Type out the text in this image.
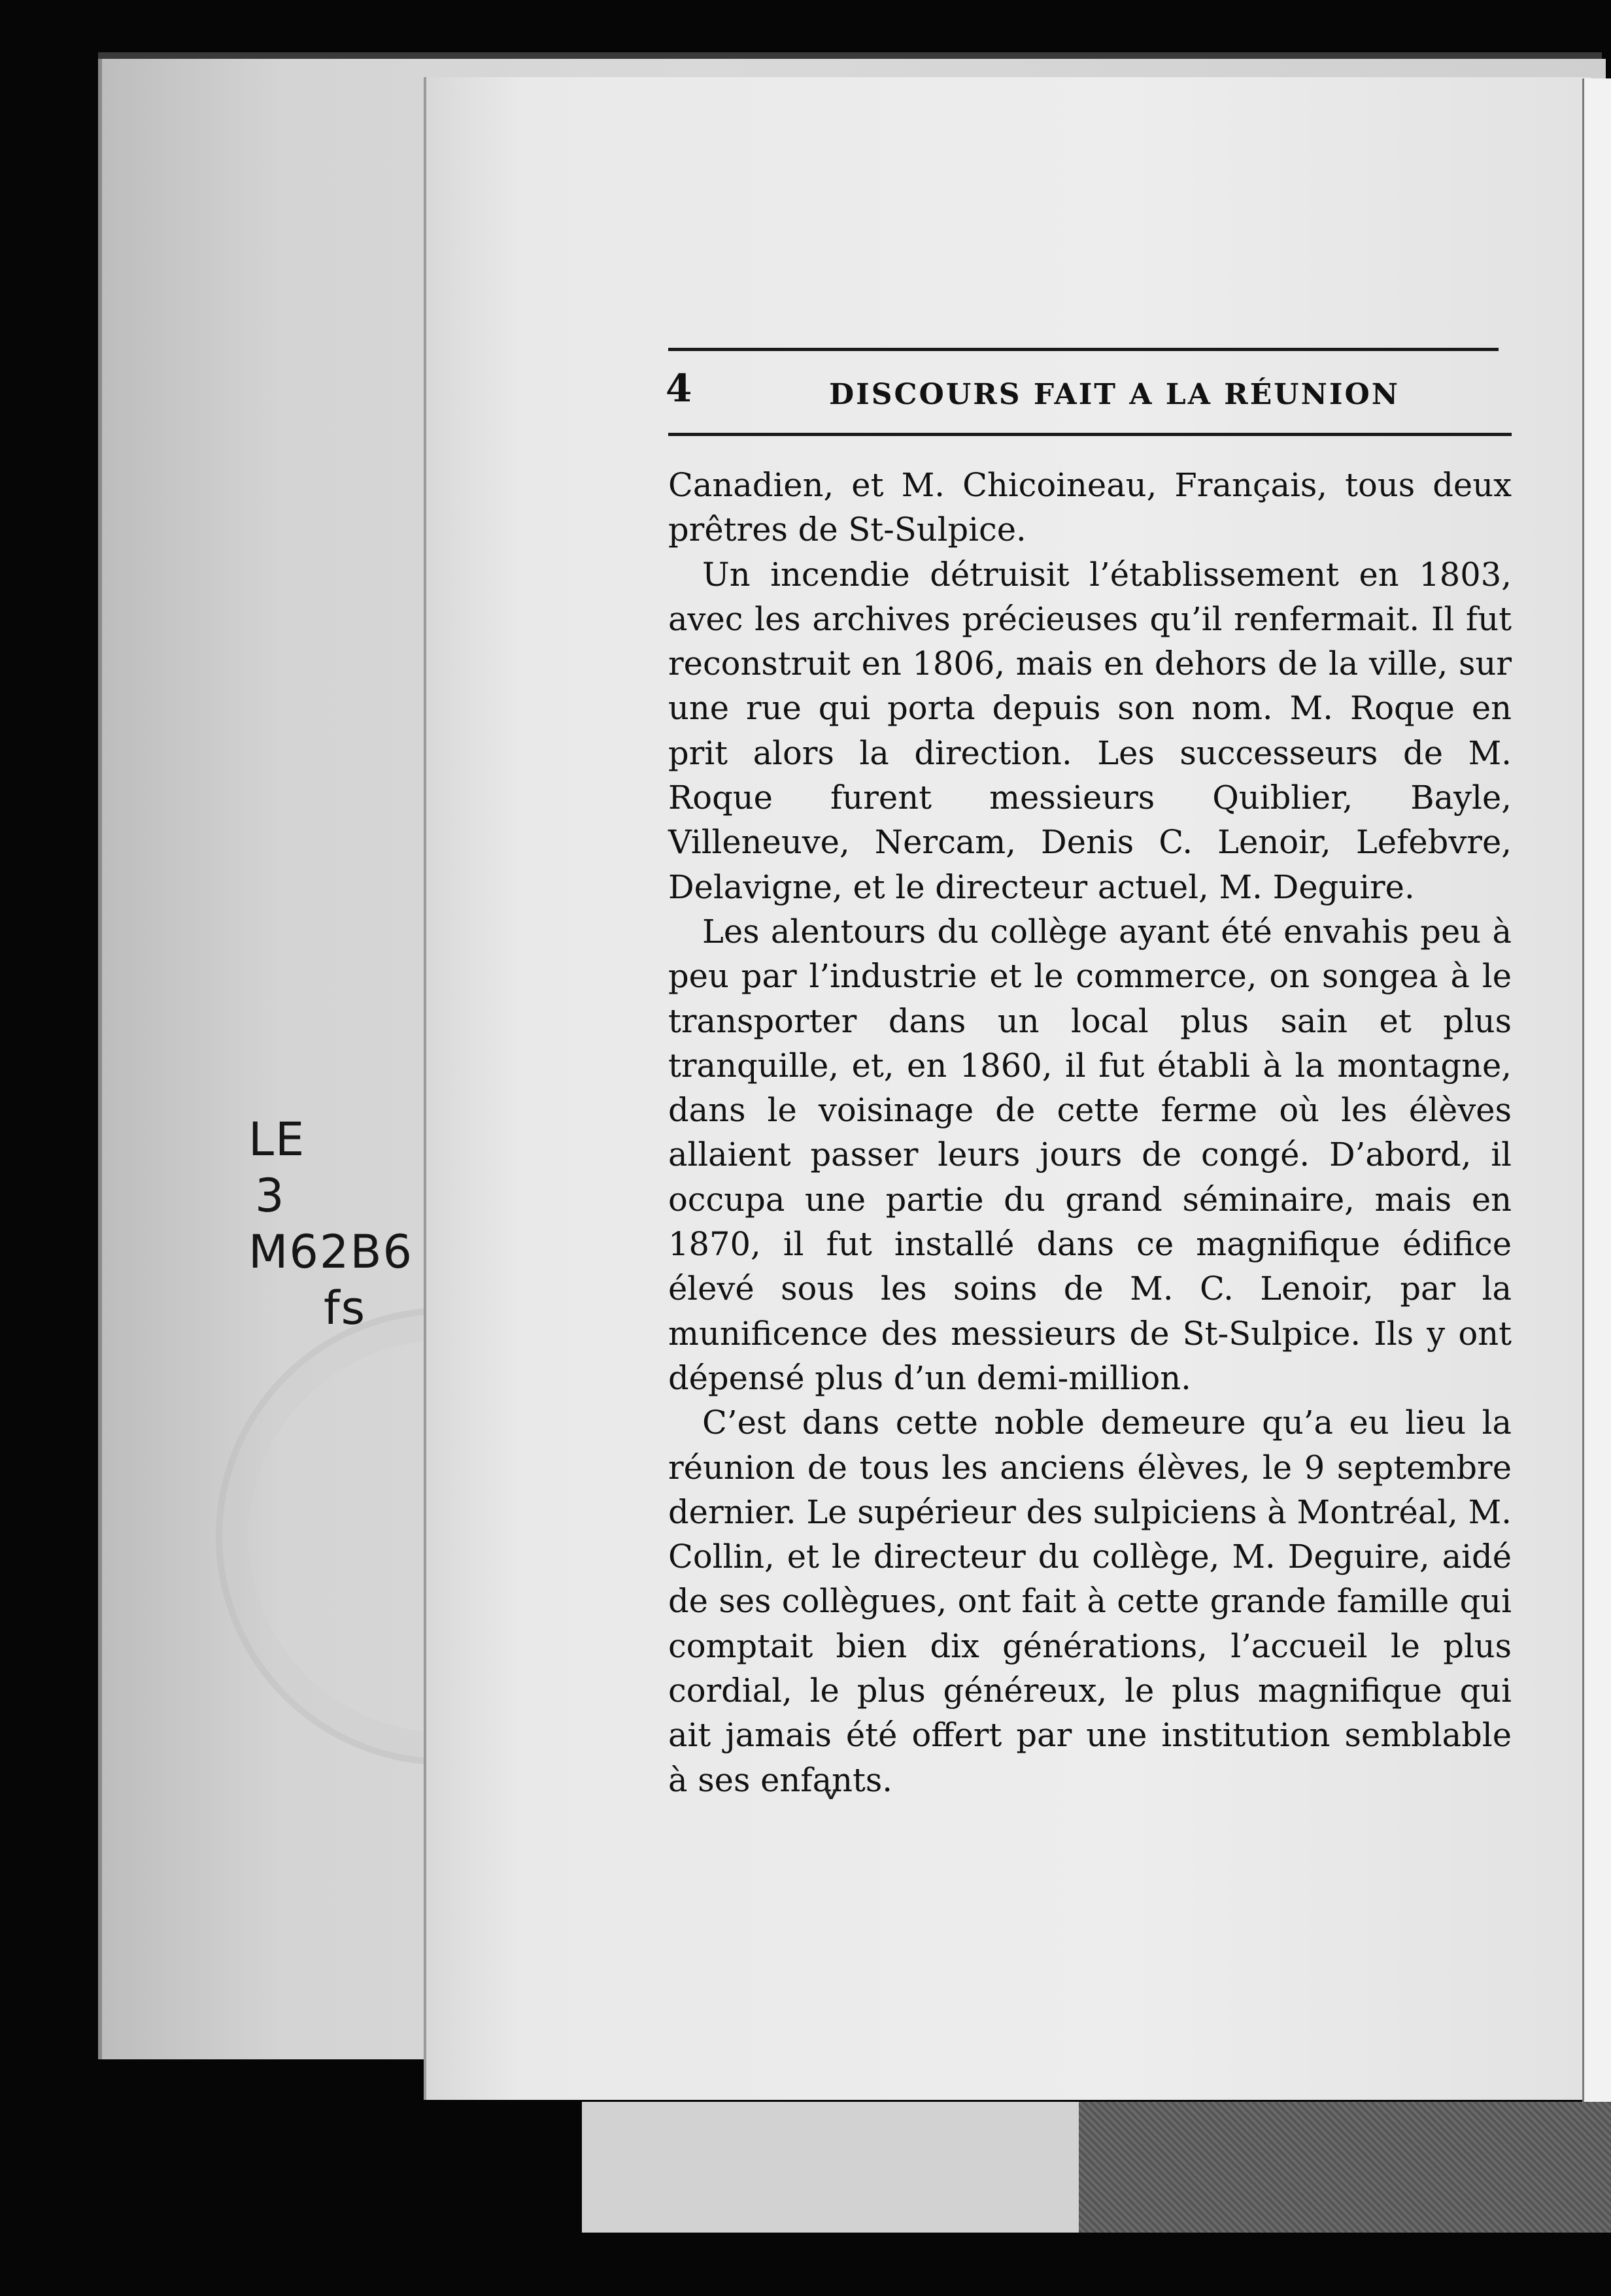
LE
3
M62B6
fs
4	DISCOURS FAIT A LA RÉUNION

Canadien, et M. Chicoineau, Français, tous deux prêtres de St-Sulpice.

Un incendie détruisit l’établissement en 1803, avec les archives précieuses qu’il renfermait. Il fut reconstruit en 1806, mais en dehors de la ville, sur une rue qui porta depuis son nom. M. Roque en prit alors la direction. Les successeurs de M. Roque furent messieurs Quiblier, Bayle, Villeneuve, Nercam, Denis C. Lenoir, Lefebvre, Delavigne, et le directeur actuel, M. Deguire.

Les alentours du collège ayant été envahis peu à peu par l’industrie et le commerce, on songea à le transporter dans un local plus sain et plus tranquille, et, en 1860, il fut établi à la montagne, dans le voisinage de cette ferme où les élèves allaient passer leurs jours de congé. D’abord, il occupa une partie du grand séminaire, mais en 1870, il fut installé dans ce magnifique édifice élevé sous les soins de M. C. Lenoir, par la munificence des messieurs de St-Sulpice. Ils y ont dépensé plus d’un demi-million.

C’est dans cette noble demeure qu’a eu lieu la réunion de tous les anciens élèves, le 9 septembre dernier. Le supérieur des sulpiciens à Montréal, M. Collin, et le directeur du collège, M. Deguire, aidé de ses collègues, ont fait à cette grande famille qui comptait bien dix générations, l’accueil le plus cordial, le plus généreux, le plus magnifique qui ait jamais été offert par une institution semblable à ses enfants.

˅
